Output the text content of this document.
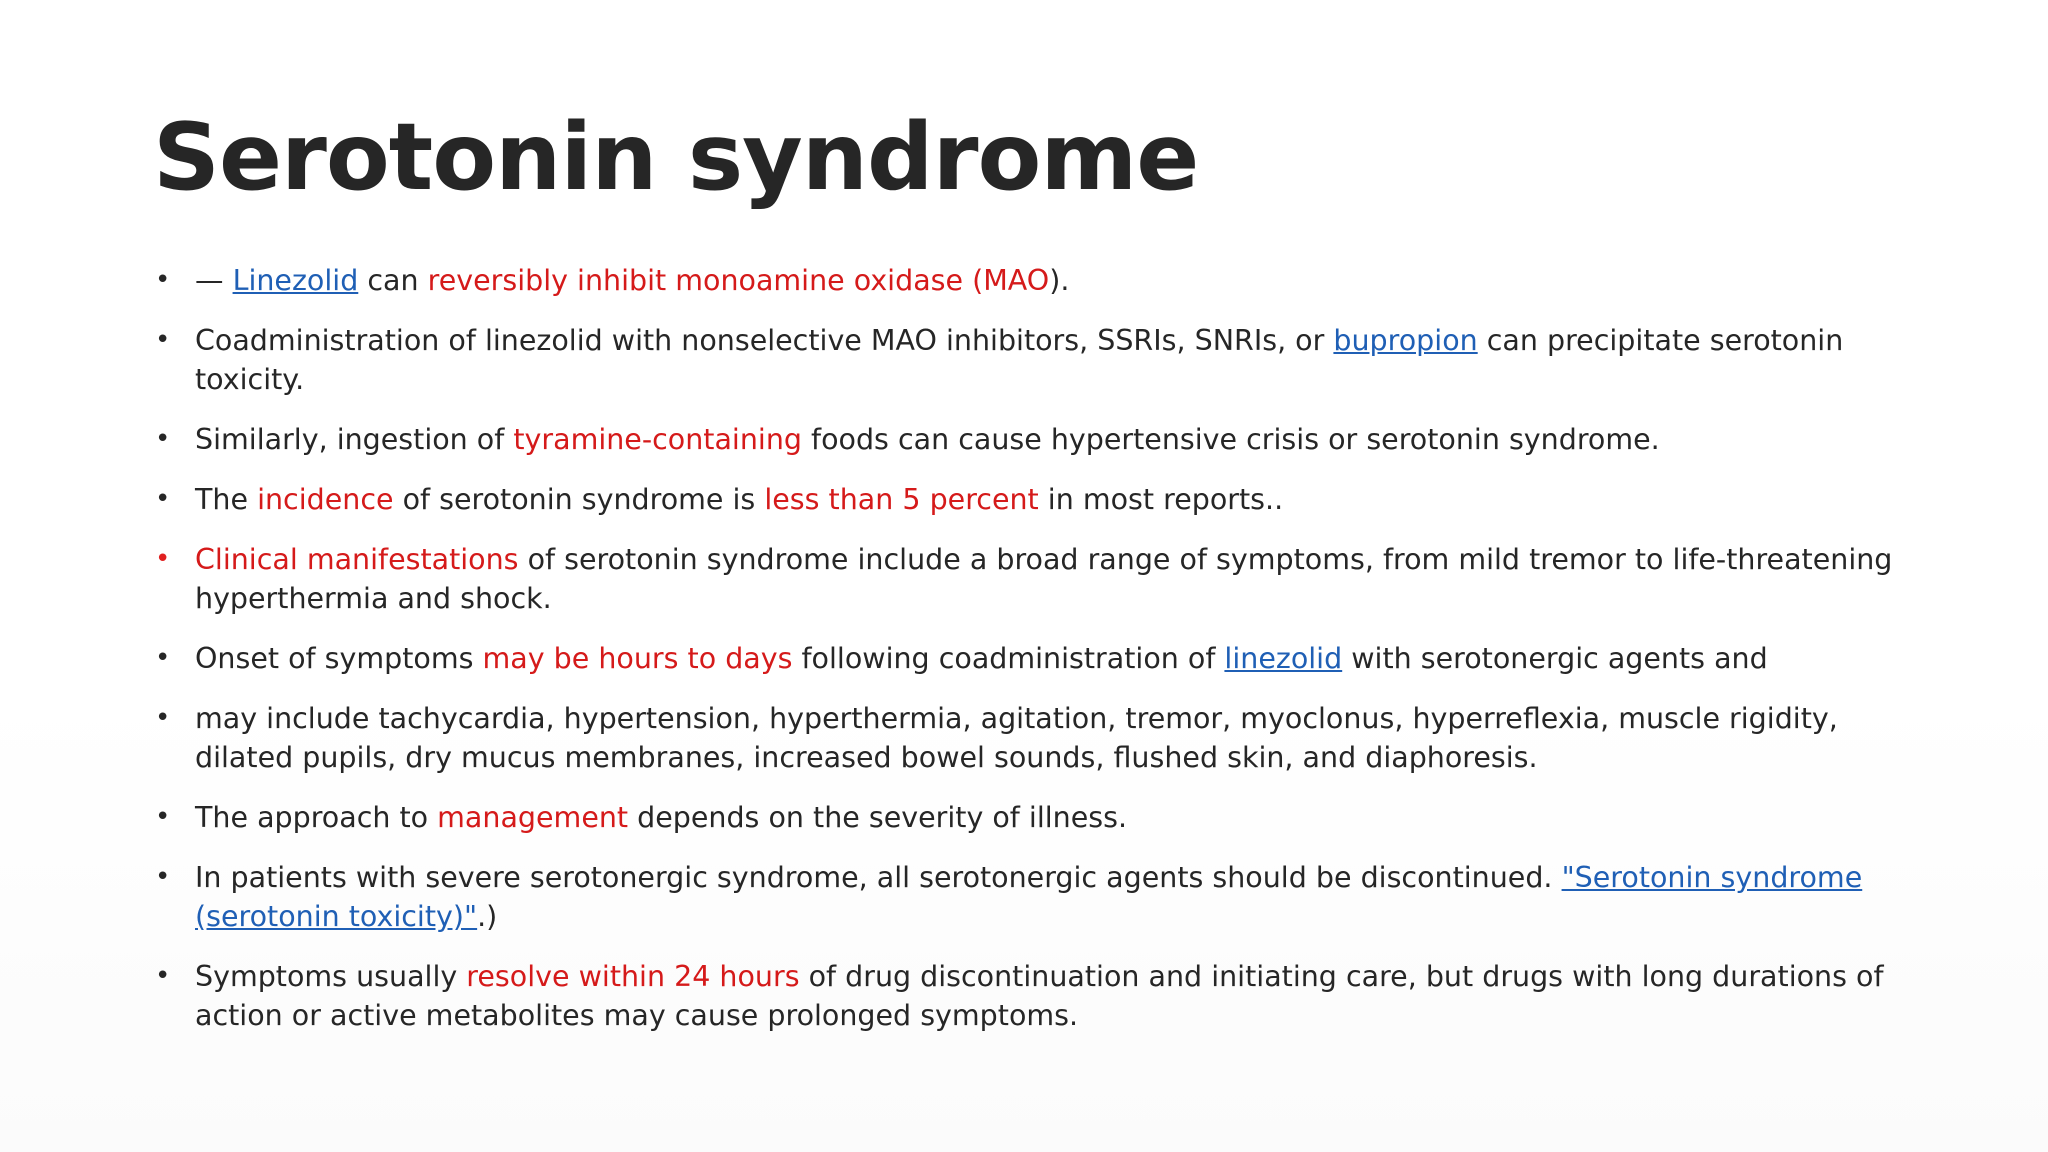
Serotonin syndrome
• — Linezolid can reversibly inhibit monoamine oxidase (MAO).
• Coadministration of linezolid with nonselective MAO inhibitors, SSRIs, SNRIs, or bupropion can precipitate serotonin toxicity.
• Similarly, ingestion of tyramine-containing foods can cause hypertensive crisis or serotonin syndrome.
• The incidence of serotonin syndrome is less than 5 percent in most reports..
• Clinical manifestations of serotonin syndrome include a broad range of symptoms, from mild tremor to life-threatening hyperthermia and shock.
• Onset of symptoms may be hours to days following coadministration of linezolid with serotonergic agents and
• may include tachycardia, hypertension, hyperthermia, agitation, tremor, myoclonus, hyperreflexia, muscle rigidity, dilated pupils, dry mucus membranes, increased bowel sounds, flushed skin, and diaphoresis.
• The approach to management depends on the severity of illness.
• In patients with severe serotonergic syndrome, all serotonergic agents should be discontinued. "Serotonin syndrome (serotonin toxicity)".)
• Symptoms usually resolve within 24 hours of drug discontinuation and initiating care, but drugs with long durations of action or active metabolites may cause prolonged symptoms.
